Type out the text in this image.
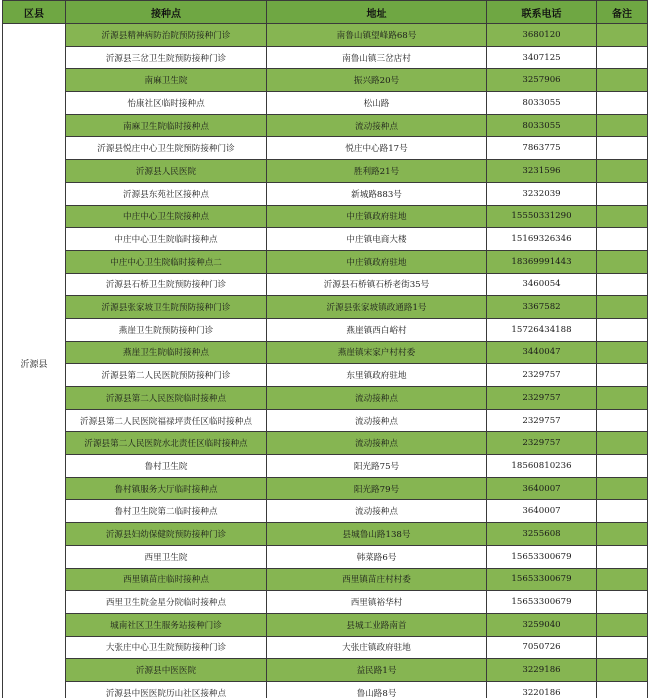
区县	接种点	地址	联系电话	备注
沂源县	沂源县精神病防治院预防接种门诊	南鲁山镇望峰路68号	3680120	
	沂源县三岔卫生院预防接种门诊	南鲁山镇三岔店村	3407125	
	南麻卫生院	振兴路20号	3257906	
	怡康社区临时接种点	松山路	8033055	
	南麻卫生院临时接种点	流动接种点	8033055	
	沂源县悦庄中心卫生院预防接种门诊	悦庄中心路17号	7863775	
	沂源县人民医院	胜利路21号	3231596	
	沂源县东苑社区接种点	新城路883号	3232039	
	中庄中心卫生院接种点	中庄镇政府驻地	15550331290	
	中庄中心卫生院临时接种点	中庄镇电商大楼	15169326346	
	中庄中心卫生院临时接种点二	中庄镇政府驻地	18369991443	
	沂源县石桥卫生院预防接种门诊	沂源县石桥镇石桥老街35号	3460054	
	沂源县张家坡卫生院预防接种门诊	沂源县张家坡镇政通路1号	3367582	
	燕崖卫生院预防接种门诊	燕崖镇西白峪村	15726434188	
	燕崖卫生院临时接种点	燕崖镇宋家户村村委	3440047	
	沂源县第二人民医院预防接种门诊	东里镇政府驻地	2329757	
	沂源县第二人民医院临时接种点	流动接种点	2329757	
	沂源县第二人民医院福禄坪责任区临时接种点	流动接种点	2329757	
	沂源县第二人民医院水北责任区临时接种点	流动接种点	2329757	
	鲁村卫生院	阳光路75号	18560810236	
	鲁村镇服务大厅临时接种点	阳光路79号	3640007	
	鲁村卫生院第二临时接种点	流动接种点	3640007	
	沂源县妇幼保健院预防接种门诊	县城鲁山路138号	3255608	
	西里卫生院	韩菜路6号	15653300679	
	西里镇苗庄临时接种点	西里镇苗庄村村委	15653300679	
	西里卫生院金星分院临时接种点	西里镇裕华村	15653300679	
	城南社区卫生服务站接种门诊	县城工业路南首	3259040	
	大张庄中心卫生院预防接种门诊	大张庄镇政府驻地	7050726	
	沂源县中医医院	益民路1号	3229186	
	沂源县中医医院历山社区接种点	鲁山路8号	3220186	
